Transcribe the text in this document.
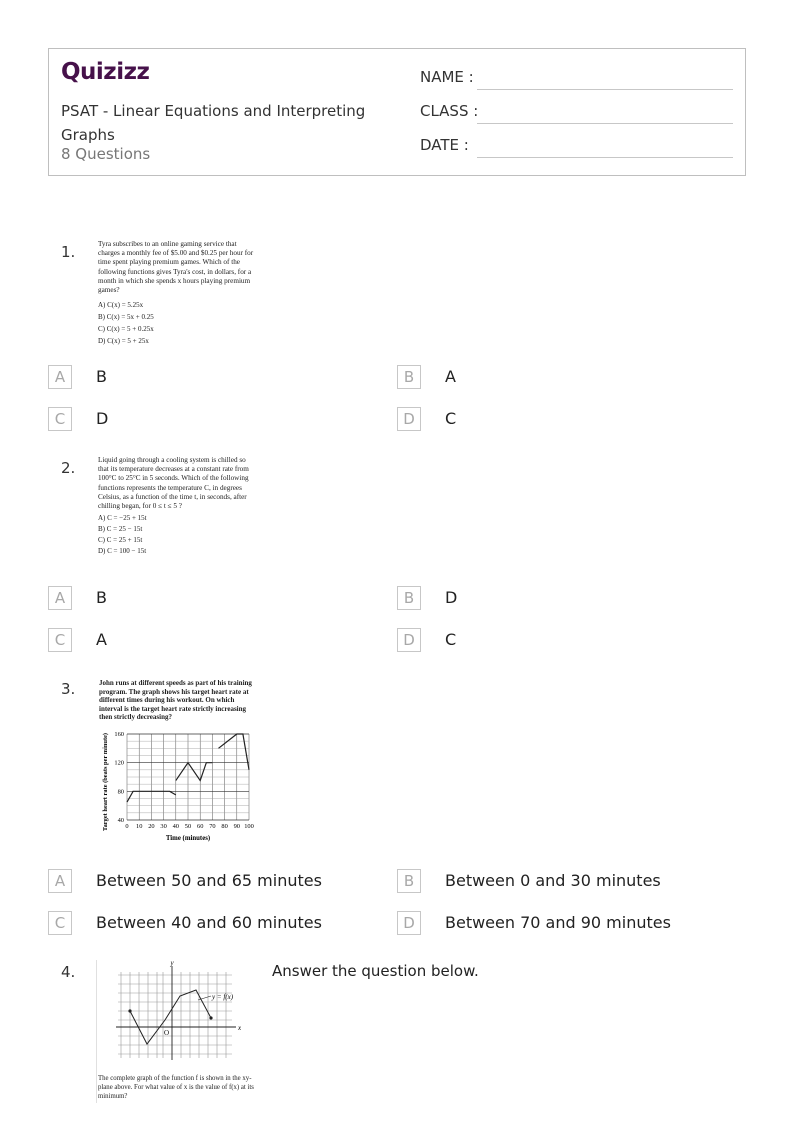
Quizizz
PSAT - Linear Equations and Interpreting Graphs
8 Questions
NAME :
CLASS :
DATE :
1.	Tyra subscribes to an online gaming service that charges a monthly fee of $5.00 and $0.25 per hour for time spent playing premium games. Which of the following functions gives Tyra's cost, in dollars, for a month in which she spends x hours playing premium games?

A) C(x) = 5.25x
B) C(x) = 5x + 0.25
C) C(x) = 5 + 0.25x
D) C(x) = 5 + 25x
A	B	B	A
C	D	D	C
2.	Liquid going through a cooling system is chilled so that its temperature decreases at a constant rate from 100°C to 25°C in 5 seconds. Which of the following functions represents the temperature C, in degrees Celsius, as a function of the time t, in seconds, after chilling began, for 0 ≤ t ≤ 5 ?

A) C = −25 + 15t
B) C = 25 − 15t
C) C = 25 + 15t
D) C = 100 − 15t
A	B	B	D
C	A	D	C
3.	John runs at different speeds as part of his training program. The graph shows his target heart rate at different times during his workout. On which interval is the target heart rate strictly increasing then strictly decreasing?

160
120
80
40
0 10 20 30 40 50 60 70 80 90 100
Target heart rate (beats per minute)
Time (minutes)
A	Between 50 and 65 minutes	B	Between 0 and 30 minutes
C	Between 40 and 60 minutes	D	Between 70 and 90 minutes
4.	Answer the question below.
y
x
O
y = f(x)

The complete graph of the function f is shown in the xy-plane above. For what value of x is the value of f(x) at its minimum?
